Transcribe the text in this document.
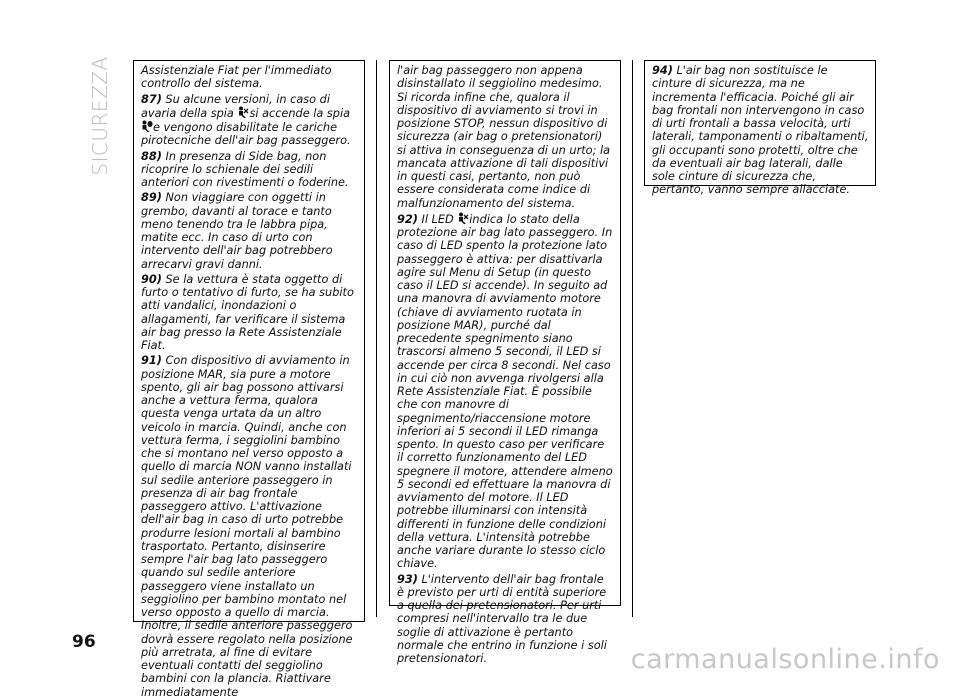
SICUREZZA	Assistenziale Fiat per l'immediato controllo del sistema.

87) Su alcune versioni, in caso di avaria della spia si accende la spia e vengono disabilitate le cariche pirotecniche dell'air bag passeggero.

88) In presenza di Side bag, non ricoprire lo schienale dei sedili anteriori con rivestimenti o foderine.

89) Non viaggiare con oggetti in grembo, davanti al torace e tanto meno tenendo tra le labbra pipa, matite ecc. In caso di urto con intervento dell'air bag potrebbero arrecarvi gravi danni.

90) Se la vettura è stata oggetto di furto o tentativo di furto, se ha subito atti vandalici, inondazioni o allagamenti, far verificare il sistema air bag presso la Rete Assistenziale Fiat.

91) Con dispositivo di avviamento in posizione MAR, sia pure a motore spento, gli air bag possono attivarsi anche a vettura ferma, qualora questa venga urtata da un altro veicolo in marcia. Quindi, anche con vettura ferma, i seggiolini bambino che si montano nel verso opposto a quello di marcia NON vanno installati sul sedile anteriore passeggero in presenza di air bag frontale passeggero attivo. L'attivazione dell'air bag in caso di urto potrebbe produrre lesioni mortali al bambino trasportato. Pertanto, disinserire sempre l'air bag lato passeggero quando sul sedile anteriore passeggero viene installato un seggiolino per bambino montato nel verso opposto a quello di marcia. Inoltre, il sedile anteriore passeggero dovrà essere regolato nella posizione più arretrata, al fine di evitare eventuali contatti del seggiolino bambini con la plancia. Riattivare immediatamente

l'air bag passeggero non appena disinstallato il seggiolino medesimo. Si ricorda infine che, qualora il dispositivo di avviamento si trovi in posizione STOP, nessun dispositivo di sicurezza (air bag o pretensionatori) si attiva in conseguenza di un urto; la mancata attivazione di tali dispositivi in questi casi, pertanto, non può essere considerata come indice di malfunzionamento del sistema.

92) Il LED indica lo stato della protezione air bag lato passeggero. In caso di LED spento la protezione lato passeggero è attiva: per disattivarla agire sul Menu di Setup (in questo caso il LED si accende). In seguito ad una manovra di avviamento motore (chiave di avviamento ruotata in posizione MAR), purché dal precedente spegnimento siano trascorsi almeno 5 secondi, il LED si accende per circa 8 secondi. Nel caso in cui ciò non avvenga rivolgersi alla Rete Assistenziale Fiat. È possibile che con manovre di spegnimento/riaccensione motore inferiori ai 5 secondi il LED rimanga spento. In questo caso per verificare il corretto funzionamento del LED spegnere il motore, attendere almeno 5 secondi ed effettuare la manovra di avviamento del motore. Il LED potrebbe illuminarsi con intensità differenti in funzione delle condizioni della vettura. L'intensità potrebbe anche variare durante lo stesso ciclo chiave.

93) L'intervento dell'air bag frontale è previsto per urti di entità superiore a quella dei pretensionatori. Per urti compresi nell'intervallo tra le due soglie di attivazione è pertanto normale che entrino in funzione i soli pretensionatori.

94) L'air bag non sostituisce le cinture di sicurezza, ma ne incrementa l'efficacia. Poiché gli air bag frontali non intervengono in caso di urti frontali a bassa velocità, urti laterali, tamponamenti o ribaltamenti, gli occupanti sono protetti, oltre che da eventuali air bag laterali, dalle sole cinture di sicurezza che, pertanto, vanno sempre allacciate.

96
carmanualsonline.info
